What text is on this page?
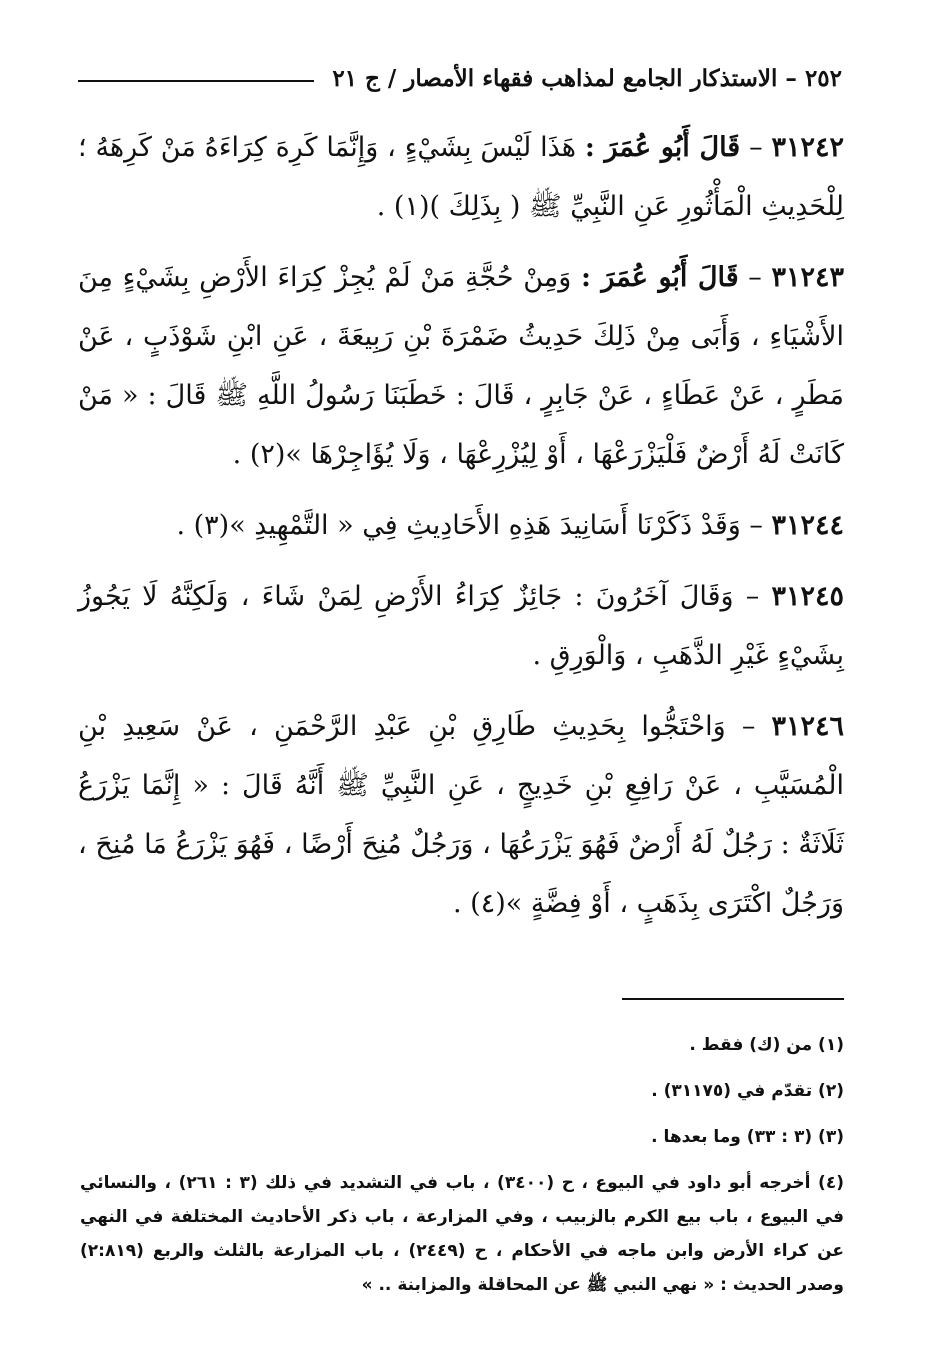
٢٥٢ – الاستذكار الجامع لمذاهب فقهاء الأمصار / ج ٢١

٣١٢٤٢ – قَالَ أَبُو عُمَرَ : هَذَا لَيْسَ بِشَيْءٍ ، وَإِنَّمَا كَرِهَ كِرَاءَهُ مَنْ كَرِهَهُ ؛ لِلْحَدِيثِ الْمَأْثُورِ عَنِ النَّبِيِّ ﷺ ( بِذَلِكَ )(١) .

٣١٢٤٣ – قَالَ أَبُو عُمَرَ : وَمِنْ حُجَّةِ مَنْ لَمْ يُجِزْ كِرَاءَ الأَرْضِ بِشَيْءٍ مِنَ الأَشْيَاءِ ، وَأَبَى مِنْ ذَلِكَ حَدِيثُ ضَمْرَةَ بْنِ رَبِيعَةَ ، عَنِ ابْنِ شَوْذَبٍ ، عَنْ مَطَرٍ ، عَنْ عَطَاءٍ ، عَنْ جَابِرٍ ، قَالَ : خَطَبَنَا رَسُولُ اللَّهِ ﷺ قَالَ : « مَنْ كَانَتْ لَهُ أَرْضٌ فَلْيَزْرَعْهَا ، أَوْ لِيُزْرِعْهَا ، وَلَا يُؤَاجِرْهَا »(٢) .

٣١٢٤٤ – وَقَدْ ذَكَرْنَا أَسَانِيدَ هَذِهِ الأَحَادِيثِ فِي « التَّمْهِيدِ »(٣) .

٣١٢٤٥ – وَقَالَ آخَرُونَ : جَائِزٌ كِرَاءُ الأَرْضِ لِمَنْ شَاءَ ، وَلَكِنَّهُ لَا يَجُوزُ بِشَيْءٍ غَيْرِ الذَّهَبِ ، وَالْوَرِقِ .

٣١٢٤٦ – وَاحْتَجُّوا بِحَدِيثِ طَارِقِ بْنِ عَبْدِ الرَّحْمَنِ ، عَنْ سَعِيدِ بْنِ الْمُسَيَّبِ ، عَنْ رَافِعِ بْنِ خَدِيجٍ ، عَنِ النَّبِيِّ ﷺ أَنَّهُ قَالَ : « إِنَّمَا يَزْرَعُ ثَلَاثَةٌ : رَجُلٌ لَهُ أَرْضٌ فَهُوَ يَزْرَعُهَا ، وَرَجُلٌ مُنِحَ أَرْضًا ، فَهُوَ يَزْرَعُ مَا مُنِحَ ، وَرَجُلٌ اكْتَرَى بِذَهَبٍ ، أَوْ فِضَّةٍ »(٤) .

(١) من (ك) فقط .

(٢) تقدّم في (٣١١٧٥) .

(٣) (٣ : ٣٣) وما بعدها .

(٤) أخرجه أبو داود في البيوع ، ح (٣٤٠٠) ، باب في التشديد في ذلك (٣ : ٢٦١) ، والنسائي في البيوع ، باب بيع الكرم بالزبيب ، وفي المزارعة ، باب ذكر الأحاديث المختلفة في النهي عن كراء الأرض وابن ماجه في الأحكام ، ح (٢٤٤٩) ، باب المزارعة بالثلث والربع (٢:٨١٩) وصدر الحديث : « نهي النبي ﷺ عن المحاقلة والمزابنة .. »
